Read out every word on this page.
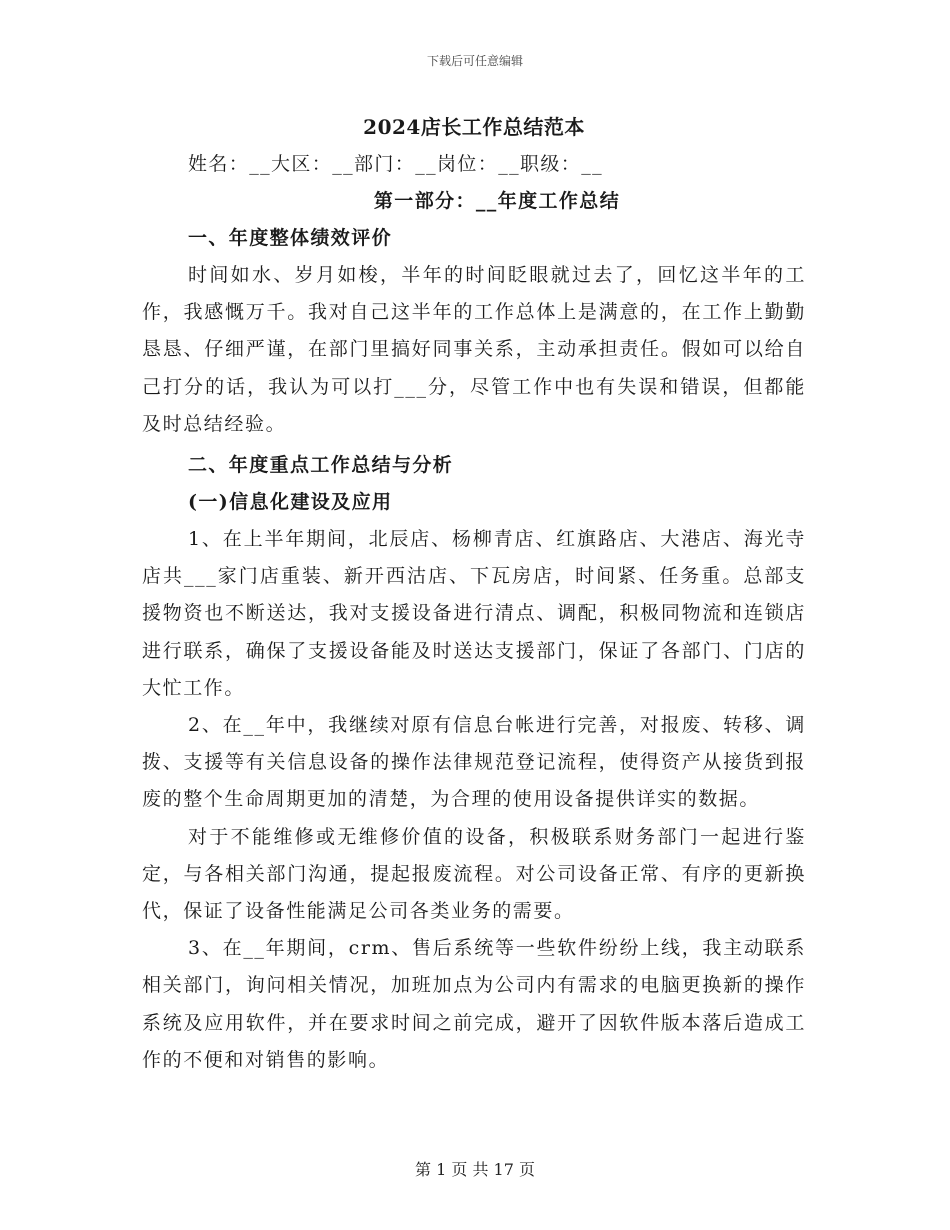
下载后可任意编辑
2024店长工作总结范本

姓名：__大区：__部门：__岗位：__职级：__

第一部分：__年度工作总结

一、年度整体绩效评价

时间如水、岁月如梭，半年的时间眨眼就过去了，回忆这半年的工作，我感慨万千。我对自己这半年的工作总体上是满意的，在工作上勤勤恳恳、仔细严谨，在部门里搞好同事关系，主动承担责任。假如可以给自己打分的话，我认为可以打___分，尽管工作中也有失误和错误，但都能及时总结经验。

二、年度重点工作总结与分析

(一)信息化建设及应用

1、在上半年期间，北辰店、杨柳青店、红旗路店、大港店、海光寺店共___家门店重装、新开西沽店、下瓦房店，时间紧、任务重。总部支援物资也不断送达，我对支援设备进行清点、调配，积极同物流和连锁店进行联系，确保了支援设备能及时送达支援部门，保证了各部门、门店的大忙工作。

2、在__年中，我继续对原有信息台帐进行完善，对报废、转移、调拨、支援等有关信息设备的操作法律规范登记流程，使得资产从接货到报废的整个生命周期更加的清楚，为合理的使用设备提供详实的数据。

对于不能维修或无维修价值的设备，积极联系财务部门一起进行鉴定，与各相关部门沟通，提起报废流程。对公司设备正常、有序的更新换代，保证了设备性能满足公司各类业务的需要。

3、在__年期间，crm、售后系统等一些软件纷纷上线，我主动联系相关部门，询问相关情况，加班加点为公司内有需求的电脑更换新的操作系统及应用软件，并在要求时间之前完成，避开了因软件版本落后造成工作的不便和对销售的影响。

第 1 页 共 17 页
